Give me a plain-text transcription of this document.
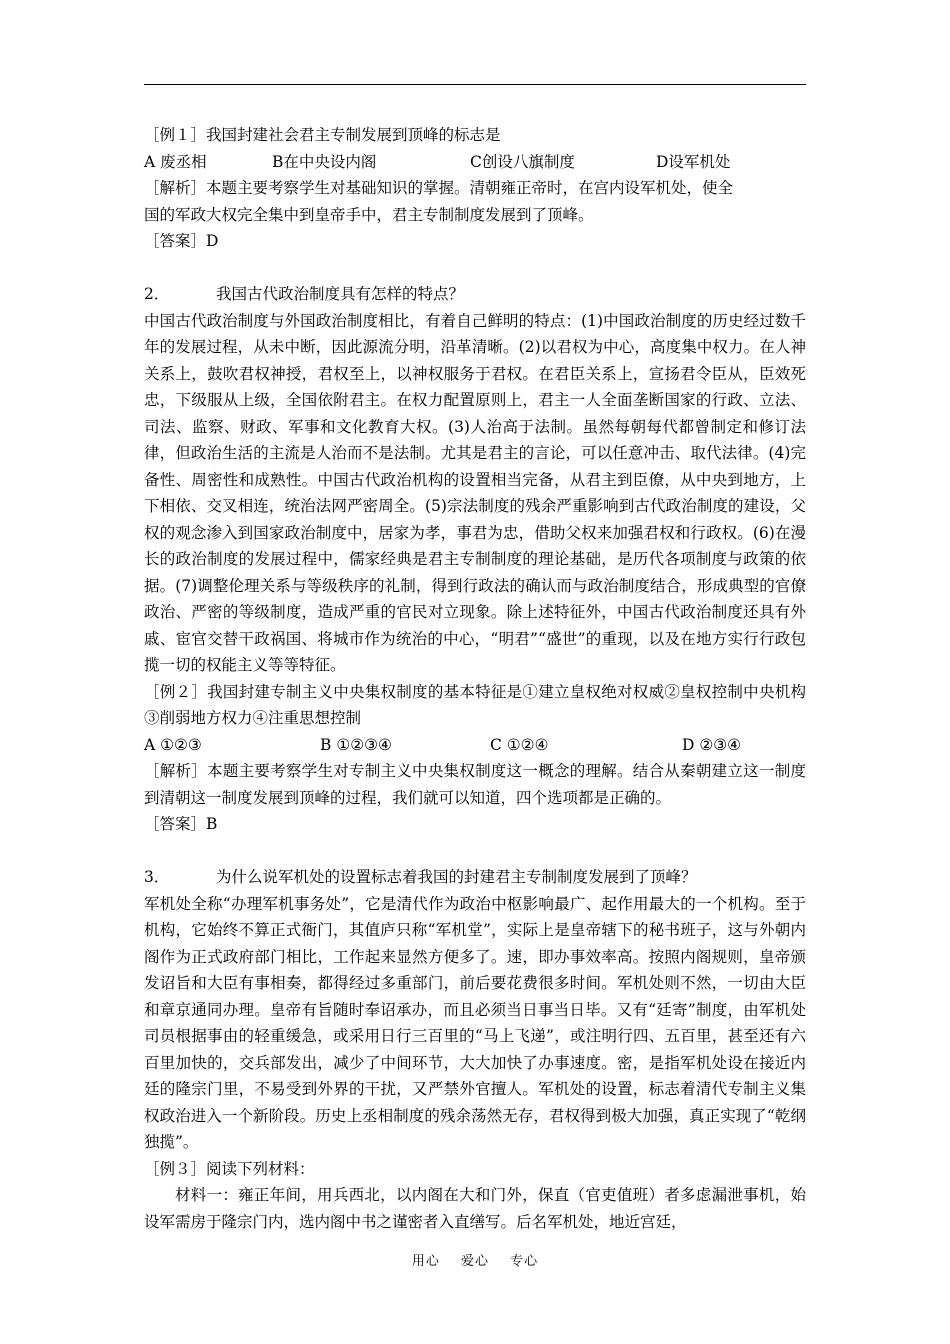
［例１］我国封建社会君主专制发展到顶峰的标志是

A 废丞相	B在中央设内阁	C创设八旗制度	D设军机处

［解析］本题主要考察学生对基础知识的掌握。清朝雍正帝时，在宫内设军机处，使全

国的军政大权完全集中到皇帝手中，君主专制制度发展到了顶峰。

［答案］D

2．	我国古代政治制度具有怎样的特点？

中国古代政治制度与外国政治制度相比，有着自己鲜明的特点：(1)中国政治制度的历史经过数千年的发展过程，从未中断，因此源流分明，沿革清晰。(2)以君权为中心，高度集中权力。在人神关系上，鼓吹君权神授，君权至上，以神权服务于君权。在君臣关系上，宣扬君令臣从，臣效死忠，下级服从上级，全国依附君主。在权力配置原则上，君主一人全面垄断国家的行政、立法、司法、监察、财政、军事和文化教育大权。(3)人治高于法制。虽然每朝每代都曾制定和修订法律，但政治生活的主流是人治而不是法制。尤其是君主的言论，可以任意冲击、取代法律。(4)完备性、周密性和成熟性。中国古代政治机构的设置相当完备，从君主到臣僚，从中央到地方，上下相依、交叉相连，统治法网严密周全。(5)宗法制度的残余严重影响到古代政治制度的建设，父权的观念渗入到国家政治制度中，居家为孝，事君为忠，借助父权来加强君权和行政权。(6)在漫长的政治制度的发展过程中，儒家经典是君主专制制度的理论基础，是历代各项制度与政策的依据。(7)调整伦理关系与等级秩序的礼制，得到行政法的确认而与政治制度结合，形成典型的官僚政治、严密的等级制度，造成严重的官民对立现象。除上述特征外，中国古代政治制度还具有外戚、宦官交替干政祸国、将城市作为统治的中心，“明君”“盛世”的重现，以及在地方实行行政包揽一切的权能主义等等特征。

［例２］我国封建专制主义中央集权制度的基本特征是①建立皇权绝对权威②皇权控制中央机构③削弱地方权力④注重思想控制

A ①②③	B ①②③④	C ①②④	D ②③④

［解析］本题主要考察学生对专制主义中央集权制度这一概念的理解。结合从秦朝建立这一制度到清朝这一制度发展到顶峰的过程，我们就可以知道，四个选项都是正确的。

［答案］B

3．	为什么说军机处的设置标志着我国的封建君主专制制度发展到了顶峰？

军机处全称“办理军机事务处”，它是清代作为政治中枢影响最广、起作用最大的一个机构。至于机构，它始终不算正式衙门，其值庐只称“军机堂”，实际上是皇帝辖下的秘书班子，这与外朝内阁作为正式政府部门相比，工作起来显然方便多了。速，即办事效率高。按照内阁规则，皇帝颁发诏旨和大臣有事相奏，都得经过多重部门，前后要花费很多时间。军机处则不然，一切由大臣和章京通同办理。皇帝有旨随时奉诏承办，而且必须当日事当日毕。又有“廷寄”制度，由军机处司员根据事由的轻重缓急，或采用日行三百里的“马上飞递”，或注明行四、五百里，甚至还有六百里加快的，交兵部发出，减少了中间环节，大大加快了办事速度。密，是指军机处设在接近内廷的隆宗门里，不易受到外界的干扰，又严禁外官擅人。军机处的设置，标志着清代专制主义集权政治进入一个新阶段。历史上丞相制度的残余荡然无存，君权得到极大加强，真正实现了“乾纲独揽”。

［例３］阅读下列材料：

材料一：雍正年间，用兵西北，以内阁在大和门外，保直（官吏值班）者多虑漏泄事机，始设军需房于隆宗门内，选内阁中书之谨密者入直缮写。后名军机处，地近宫廷，

用心 爱心 专心
